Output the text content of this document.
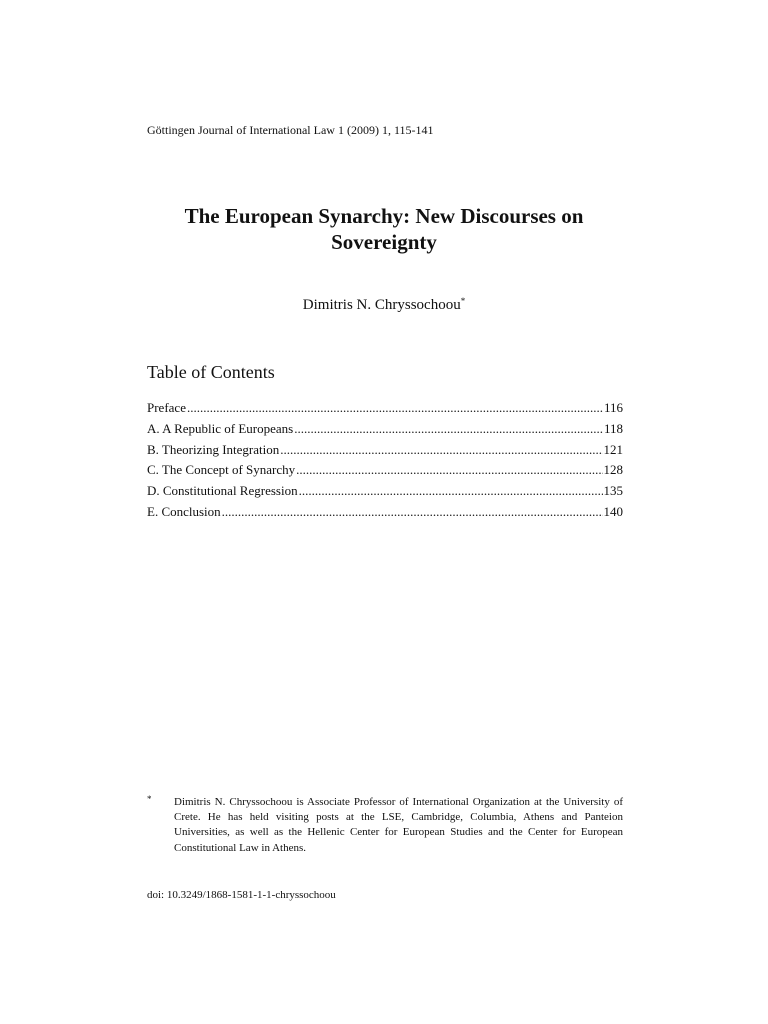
Göttingen Journal of International Law 1 (2009) 1, 115-141
The European Synarchy: New Discourses on
Sovereignty
Dimitris N. Chryssochoou*
Table of Contents
Preface .....	116
A. A Republic of Europeans .....	118
B. Theorizing Integration .....	121
C. The Concept of Synarchy .....	128
D. Constitutional Regression .....	135
E. Conclusion .....	140
* Dimitris N. Chryssochoou is Associate Professor of International Organization at the University of Crete. He has held visiting posts at the LSE, Cambridge, Columbia, Athens and Panteion Universities, as well as the Hellenic Center for European Studies and the Center for European Constitutional Law in Athens.
doi: 10.3249/1868-1581-1-1-chryssochoou
